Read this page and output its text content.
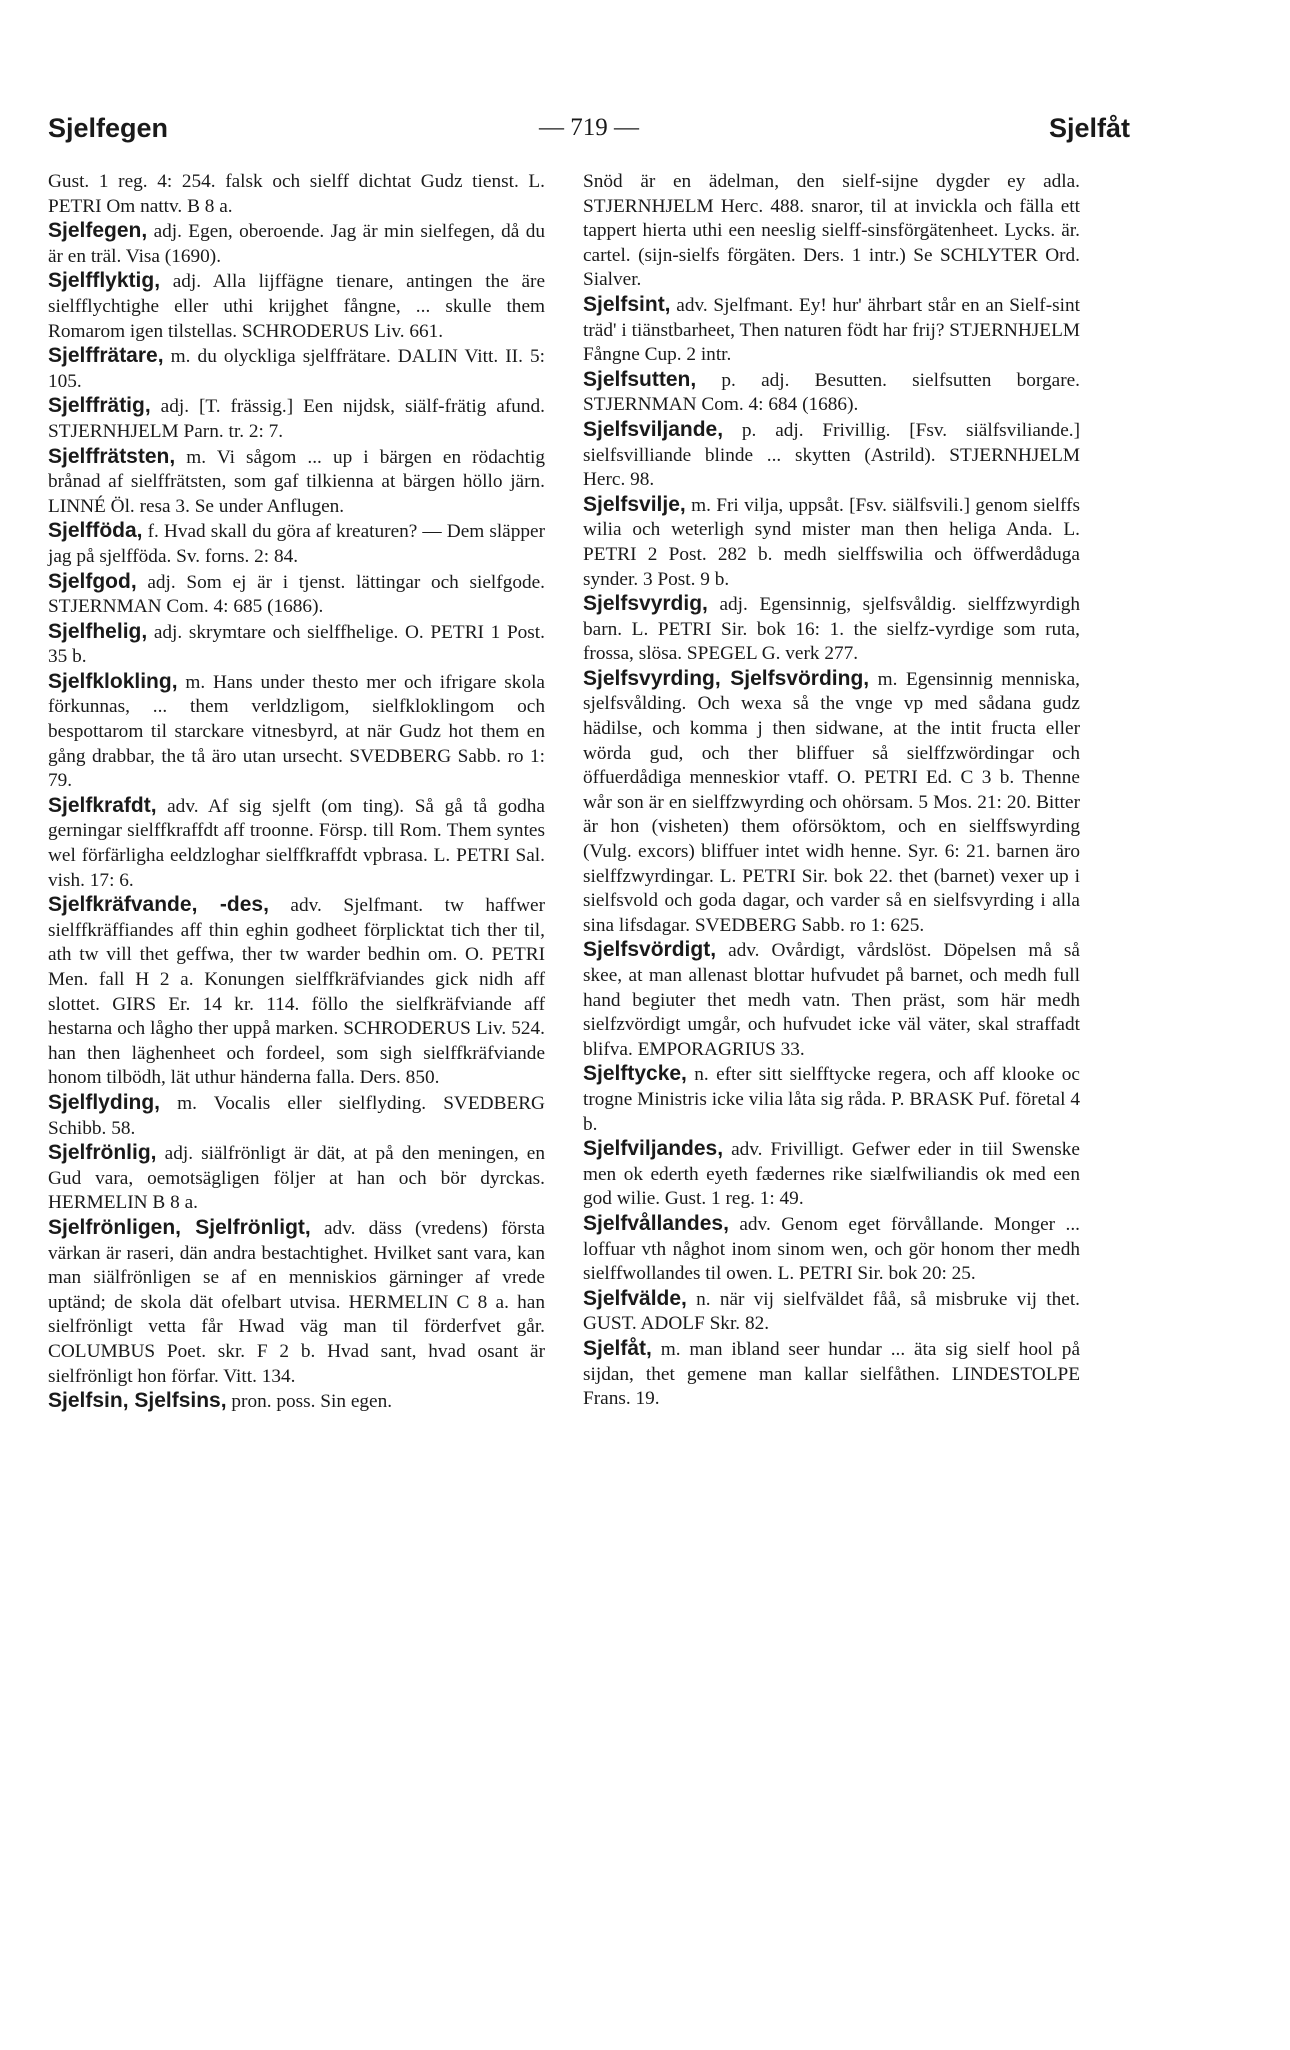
Sjelfegen	— 719 —	Sjelfåt

Gust. 1 reg. 4: 254. falsk och sielff dichtat Gudz tienst. L. PETRI Om nattv. B 8 a.

Sjelfegen, adj. Egen, oberoende. Jag är min sielfegen, då du är en träl. Visa (1690).

Sjelfflyktig, adj. Alla lijffägne tienare, antingen the äre sielfflychtighe eller uthi krijghet fångne, ... skulle them Romarom igen tilstellas. SCHRODERUS Liv. 661.

Sjelffrätare, m. du olyckliga sjelffrätare. DALIN Vitt. II. 5: 105.

Sjelffrätig, adj. [T. frässig.] Een nijdsk, siälf-frätig afund. STJERNHJELM Parn. tr. 2: 7.

Sjelffrätsten, m. Vi sågom ... up i bärgen en rödachtig brånad af sielffrätsten, som gaf tilkienna at bärgen höllo järn. LINNÉ Öl. resa 3. Se under Anflugen.

Sjelfföda, f. Hvad skall du göra af kreaturen? — Dem släpper jag på sjelfföda. Sv. forns. 2: 84.

Sjelfgod, adj. Som ej är i tjenst. lättingar och sielfgode. STJERNMAN Com. 4: 685 (1686).

Sjelfhelig, adj. skrymtare och sielffhelige. O. PETRI 1 Post. 35 b.

Sjelfklokling, m. Hans under thesto mer och ifrigare skola förkunnas, ... them verldzligom, sielfkloklingom och bespottarom til starckare vitnesbyrd, at när Gudz hot them en gång drabbar, the tå äro utan ursecht. SVEDBERG Sabb. ro 1: 79.

Sjelfkrafdt, adv. Af sig sjelft (om ting). Så gå tå godha gerningar sielffkraffdt aff troonne. Försp. till Rom. Them syntes wel förfärligha eeldzloghar sielffkraffdt vpbrasa. L. PETRI Sal. vish. 17: 6.

Sjelfkräfvande, -des, adv. Sjelfmant. tw haffwer sielffkräffiandes aff thin eghin godheet förplicktat tich ther til, ath tw vill thet geffwa, ther tw warder bedhin om. O. PETRI Men. fall H 2 a. Konungen sielffkräfviandes gick nidh aff slottet. GIRS Er. 14 kr. 114. föllo the sielfkräfviande aff hestarna och lågho ther uppå marken. SCHRODERUS Liv. 524. han then läghenheet och fordeel, som sigh sielffkräfviande honom tilbödh, lät uthur händerna falla. Ders. 850.

Sjelflyding, m. Vocalis eller sielflyding. SVEDBERG Schibb. 58.

Sjelfrönlig, adj. siälfrönligt är dät, at på den meningen, en Gud vara, oemotsägligen följer at han och bör dyrckas. HERMELIN B 8 a.

Sjelfrönligen, Sjelfrönligt, adv. däss (vredens) första värkan är raseri, dän andra bestachtighet. Hvilket sant vara, kan man siälfrönligen se af en menniskios gärninger af vrede uptänd; de skola dät ofelbart utvisa. HERMELIN C 8 a. han sielfrönligt vetta får Hwad väg man til förderfvet går. COLUMBUS Poet. skr. F 2 b. Hvad sant, hvad osant är sielfrönligt hon förfar. Vitt. 134.

Sjelfsin, Sjelfsins, pron. poss. Sin egen.

Snöd är en ädelman, den sielf-sijne dygder ey adla. STJERNHJELM Herc. 488. snaror, til at invickla och fälla ett tappert hierta uthi een neeslig sielff-sinsförgätenheet. Lycks. är. cartel. (sijn-sielfs förgäten. Ders. 1 intr.) Se SCHLYTER Ord. Sialver.

Sjelfsint, adv. Sjelfmant. Ey! hur' ährbart står en an Sielf-sint träd' i tiänstbarheet, Then naturen födt har frij? STJERNHJELM Fångne Cup. 2 intr.

Sjelfsutten, p. adj. Besutten. sielfsutten borgare. STJERNMAN Com. 4: 684 (1686).

Sjelfsviljande, p. adj. Frivillig. [Fsv. siälfsviliande.] sielfsvilliande blinde ... skytten (Astrild). STJERNHJELM Herc. 98.

Sjelfsvilje, m. Fri vilja, uppsåt. [Fsv. siälfsvili.] genom sielffs wilia och weterligh synd mister man then heliga Anda. L. PETRI 2 Post. 282 b. medh sielffswilia och öffwerdåduga synder. 3 Post. 9 b.

Sjelfsvyrdig, adj. Egensinnig, sjelfsvåldig. sielffzwyrdigh barn. L. PETRI Sir. bok 16: 1. the sielfz-vyrdige som ruta, frossa, slösa. SPEGEL G. verk 277.

Sjelfsvyrding, Sjelfsvörding, m. Egensinnig menniska, sjelfsvålding. Och wexa så the vnge vp med sådana gudz hädilse, och komma j then sidwane, at the intit fructa eller wörda gud, och ther bliffuer så sielffzwördingar och öffuerdådiga menneskior vtaff. O. PETRI Ed. C 3 b. Thenne wår son är en sielffzwyrding och ohörsam. 5 Mos. 21: 20. Bitter är hon (visheten) them oförsöktom, och en sielffswyrding (Vulg. excors) bliffuer intet widh henne. Syr. 6: 21. barnen äro sielffzwyrdingar. L. PETRI Sir. bok 22. thet (barnet) vexer up i sielfsvold och goda dagar, och varder så en sielfsvyrding i alla sina lifsdagar. SVEDBERG Sabb. ro 1: 625.

Sjelfsvördigt, adv. Ovårdigt, vårdslöst. Döpelsen må så skee, at man allenast blottar hufvudet på barnet, och medh full hand begiuter thet medh vatn. Then präst, som här medh sielfzvördigt umgår, och hufvudet icke väl väter, skal straffadt blifva. EMPORAGRIUS 33.

Sjelftycke, n. efter sitt sielfftycke regera, och aff klooke oc trogne Ministris icke vilia låta sig råda. P. BRASK Puf. företal 4 b.

Sjelfviljandes, adv. Frivilligt. Gefwer eder in tiil Swenske men ok ederth eyeth fædernes rike siælfwiliandis ok med een god wilie. Gust. 1 reg. 1: 49.

Sjelfvållandes, adv. Genom eget förvållande. Monger ... loffuar vth någhot inom sinom wen, och gör honom ther medh sielffwollandes til owen. L. PETRI Sir. bok 20: 25.

Sjelfvälde, n. när vij sielfväldet fåå, så misbruke vij thet. GUST. ADOLF Skr. 82.

Sjelfåt, m. man ibland seer hundar ... äta sig sielf hool på sijdan, thet gemene man kallar sielfåthen. LINDESTOLPE Frans. 19.
